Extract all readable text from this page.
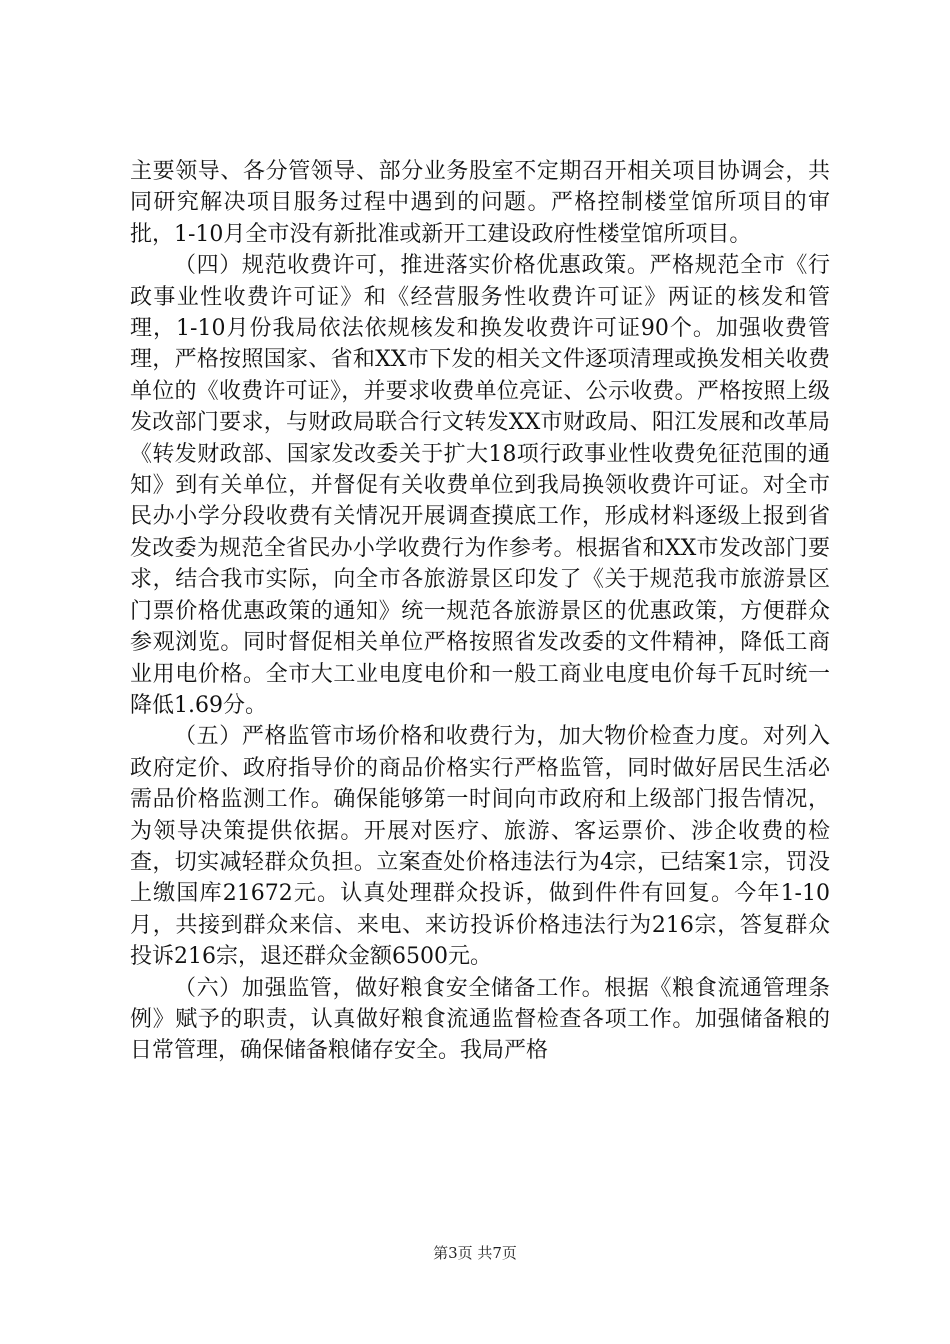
主要领导、各分管领导、部分业务股室不定期召开相关项目协调会，共同研究解决项目服务过程中遇到的问题。严格控制楼堂馆所项目的审批，1-10月全市没有新批准或新开工建设政府性楼堂馆所项目。

（四）规范收费许可，推进落实价格优惠政策。严格规范全市《行政事业性收费许可证》和《经营服务性收费许可证》两证的核发和管理，1-10月份我局依法依规核发和换发收费许可证90个。加强收费管理，严格按照国家、省和XX市下发的相关文件逐项清理或换发相关收费单位的《收费许可证》，并要求收费单位亮证、公示收费。严格按照上级发改部门要求，与财政局联合行文转发XX市财政局、阳江发展和改革局《转发财政部、国家发改委关于扩大18项行政事业性收费免征范围的通知》到有关单位，并督促有关收费单位到我局换领收费许可证。对全市民办小学分段收费有关情况开展调查摸底工作，形成材料逐级上报到省发改委为规范全省民办小学收费行为作参考。根据省和XX市发改部门要求，结合我市实际，向全市各旅游景区印发了《关于规范我市旅游景区门票价格优惠政策的通知》统一规范各旅游景区的优惠政策，方便群众参观浏览。同时督促相关单位严格按照省发改委的文件精神，降低工商业用电价格。全市大工业电度电价和一般工商业电度电价每千瓦时统一降低1.69分。

（五）严格监管市场价格和收费行为，加大物价检查力度。对列入政府定价、政府指导价的商品价格实行严格监管，同时做好居民生活必需品价格监测工作。确保能够第一时间向市政府和上级部门报告情况，为领导决策提供依据。开展对医疗、旅游、客运票价、涉企收费的检查，切实减轻群众负担。立案查处价格违法行为4宗，已结案1宗，罚没上缴国库21672元。认真处理群众投诉，做到件件有回复。今年1-10月，共接到群众来信、来电、来访投诉价格违法行为216宗，答复群众投诉216宗，退还群众金额6500元。

（六）加强监管，做好粮食安全储备工作。根据《粮食流通管理条例》赋予的职责，认真做好粮食流通监督检查各项工作。加强储备粮的日常管理，确保储备粮储存安全。我局严格

第3页 共7页
